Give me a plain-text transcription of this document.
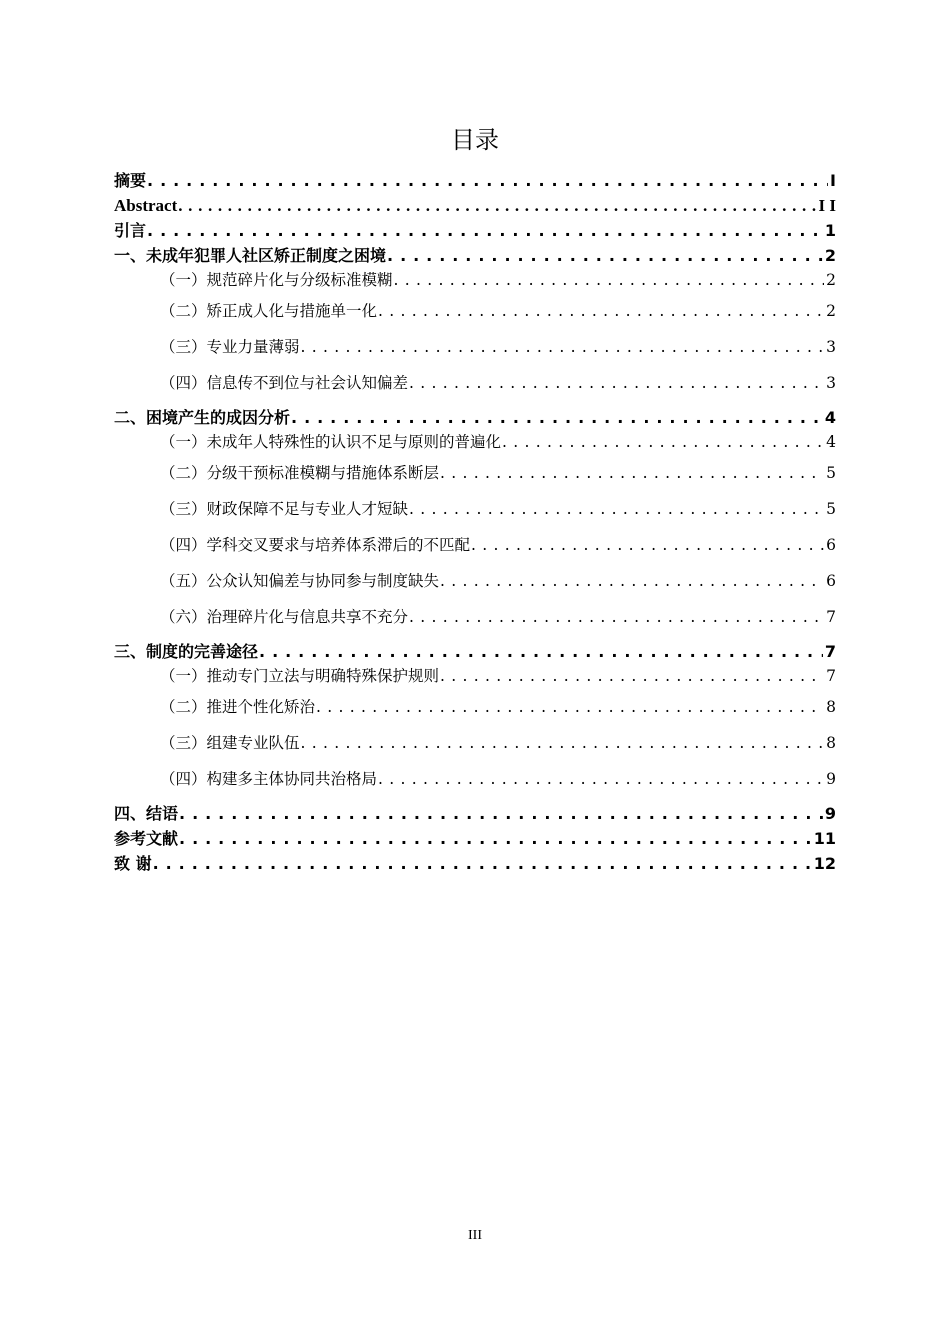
目录
摘要 . . .	I
Abstract . . .	I I
引言 . . .	1
一、未成年犯罪人社区矫正制度之困境 . . .	2
（一）规范碎片化与分级标准模糊 . . .	2
（二）矫正成人化与措施单一化 . . .	2
（三）专业力量薄弱 . . .	3
（四）信息传不到位与社会认知偏差 . . .	3
二、困境产生的成因分析 . . .	4
（一）未成年人特殊性的认识不足与原则的普遍化 . . .	4
（二）分级干预标准模糊与措施体系断层 . . .	5
（三）财政保障不足与专业人才短缺 . . .	5
（四）学科交叉要求与培养体系滞后的不匹配 . . .	6
（五）公众认知偏差与协同参与制度缺失 . . .	6
（六）治理碎片化与信息共享不充分 . . .	7
三、制度的完善途径 . . .	7
（一）推动专门立法与明确特殊保护规则 . . .	7
（二）推进个性化矫治 . . .	8
（三）组建专业队伍 . . .	8
（四）构建多主体协同共治格局 . . .	9
四、结语 . . .	9
参考文献 . . .	11
致 谢 . . .	12
III
